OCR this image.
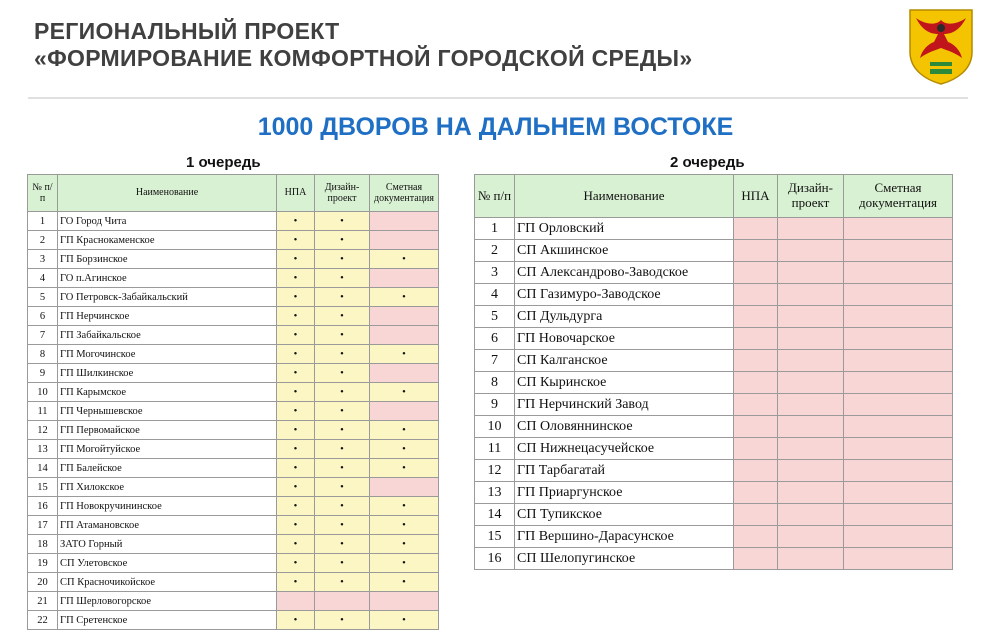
РЕГИОНАЛЬНЫЙ ПРОЕКТ
«ФОРМИРОВАНИЕ КОМФОРТНОЙ ГОРОДСКОЙ СРЕДЫ»
1000 ДВОРОВ НА ДАЛЬНЕМ ВОСТОКЕ
1 очередь	2 очередь
№ п/п	Наименование	НПА	Дизайн-проект	Сметная документация
1	ГО Город Чита	•	•	
2	ГП Краснокаменское	•	•	
3	ГП Борзинское	•	•	•
4	ГО п.Агинское	•	•	
5	ГО Петровск-Забайкальский	•	•	•
6	ГП Нерчинское	•	•	
7	ГП Забайкальское	•	•	
8	ГП Могочинское	•	•	•
9	ГП Шилкинское	•	•	
10	ГП Карымское	•	•	•
11	ГП Чернышевское	•	•	
12	ГП Первомайское	•	•	•
13	ГП Могойтуйское	•	•	•
14	ГП Балейское	•	•	•
15	ГП Хилокское	•	•	
16	ГП Новокручининское	•	•	•
17	ГП Атамановское	•	•	•
18	ЗАТО Горный	•	•	•
19	СП Улетовское	•	•	•
20	СП Красночикойское	•	•	•
21	ГП Шерловогорское			
22	ГП Сретенское	•	•	•
№ п/п	Наименование	НПА	Дизайн-проект	Сметная документация
1	ГП Орловский			
2	СП Акшинское			
3	СП Александрово-Заводское			
4	СП Газимуро-Заводское			
5	СП Дульдурга			
6	ГП Новочарское			
7	СП Калганское			
8	СП Кыринское			
9	ГП Нерчинский Завод			
10	СП Оловяннинское			
11	СП Нижнецасучейское			
12	ГП Тарбагатай			
13	ГП Приаргунское			
14	СП Тупикское			
15	ГП Вершино-Дарасунское			
16	СП Шелопугинское			
